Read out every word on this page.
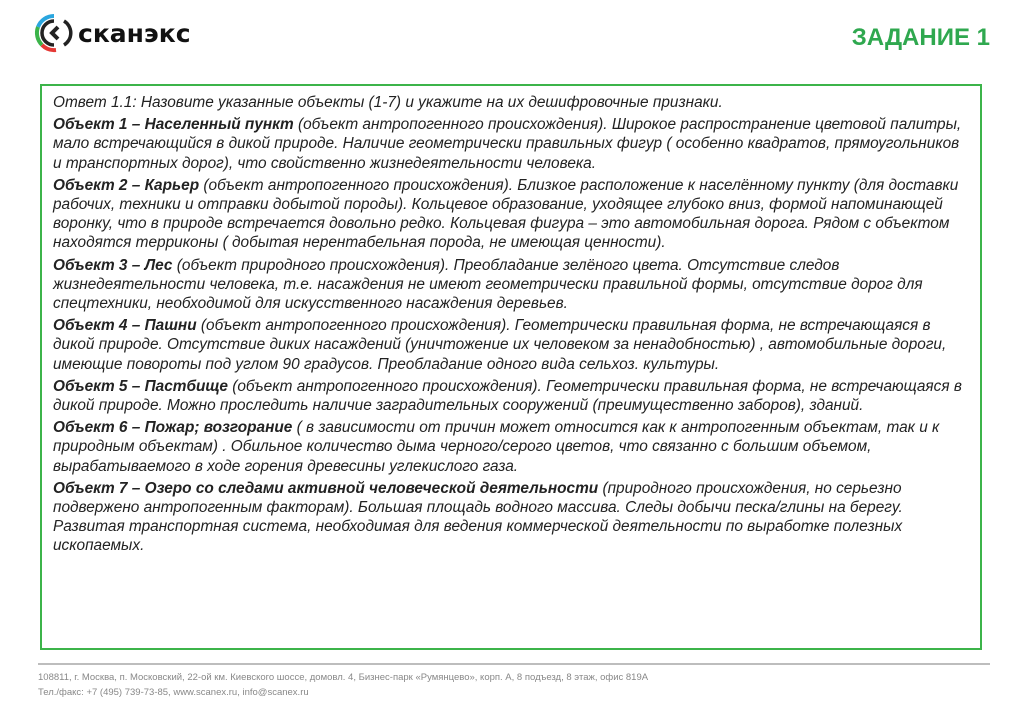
сканэкс	ЗАДАНИЕ 1

Ответ 1.1: Назовите указанные объекты (1-7) и укажите на их дешифровочные признаки.

Объект 1 – Населенный пункт (объект антропогенного происхождения). Широкое распространение цветовой палитры, мало встречающийся в дикой природе. Наличие геометрически правильных фигур ( особенно квадратов, прямоугольников и транспортных дорог), что свойственно жизнедеятельности человека.

Объект 2 – Карьер (объект антропогенного происхождения). Близкое расположение к населённому пункту (для доставки рабочих, техники и отправки добытой породы). Кольцевое образование, уходящее глубоко вниз, формой напоминающей воронку, что в природе встречается довольно редко. Кольцевая фигура – это автомобильная дорога. Рядом с объектом находятся терриконы ( добытая нерентабельная порода, не имеющая ценности).

Объект 3 – Лес (объект природного происхождения). Преобладание зелёного цвета. Отсутствие следов жизнедеятельности человека, т.е. насаждения не имеют геометрически правильной формы, отсутствие дорог для спецтехники, необходимой для искусственного насаждения деревьев.

Объект 4 – Пашни (объект антропогенного происхождения). Геометрически правильная форма, не встречающаяся в дикой природе. Отсутствие диких насаждений (уничтожение их человеком за ненадобностью) , автомобильные дороги, имеющие повороты под углом 90 градусов. Преобладание одного вида сельхоз. культуры.

Объект 5 – Пастбище (объект антропогенного происхождения). Геометрически правильная форма, не встречающаяся в дикой природе. Можно проследить наличие заградительных сооружений (преимущественно заборов), зданий.

Объект 6 – Пожар; возгорание ( в зависимости от причин может относится как к антропогенным объектам, так и к природным объектам) . Обильное количество дыма черного/серого цветов, что связанно с большим объемом, вырабатываемого в ходе горения древесины углекислого газа.

Объект 7 – Озеро со следами активной человеческой деятельности (природного происхождения, но серьезно подвержено антропогенным факторам). Большая площадь водного массива. Следы добычи песка/глины на берегу. Развитая транспортная система, необходимая для ведения коммерческой деятельности по выработке полезных ископаемых.

108811, г. Москва, п. Московский, 22-ой км. Киевского шоссе, домовл. 4, Бизнес-парк «Румянцево», корп. А, 8 подъезд, 8 этаж, офис 819А
Тел./факс: +7 (495) 739-73-85, www.scanex.ru, info@scanex.ru
